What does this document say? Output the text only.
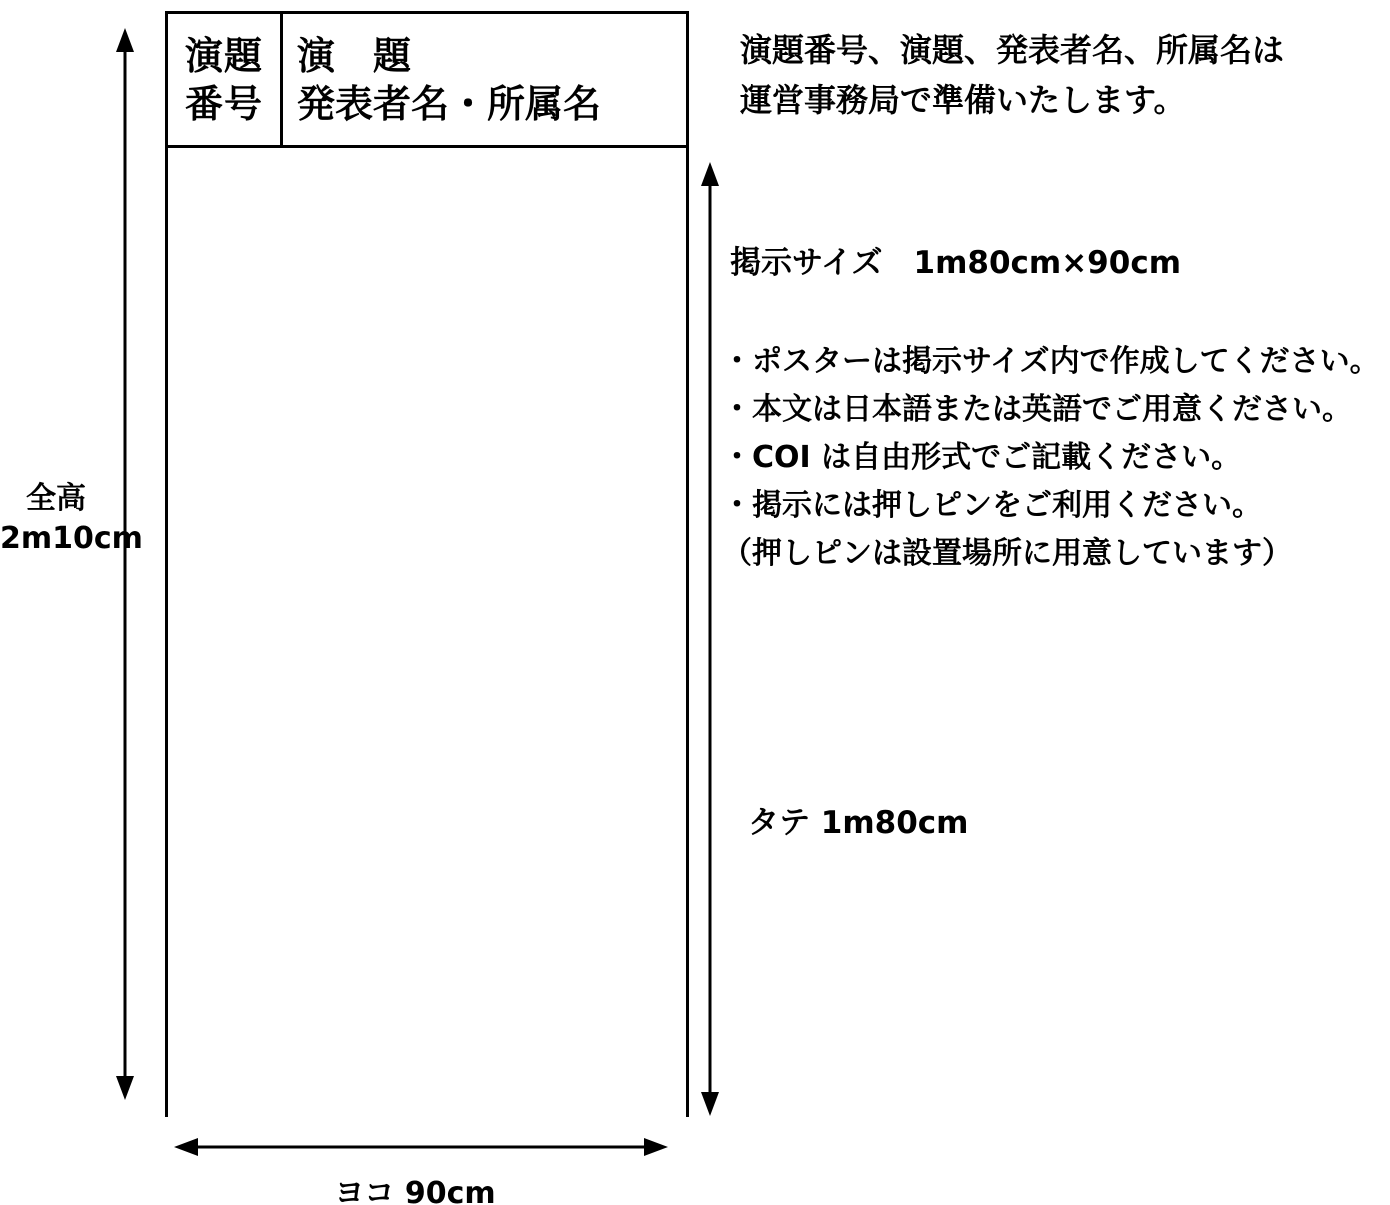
演題
番号
演　題
発表者名・所属名
演題番号、演題、発表者名、所属名は
運営事務局で準備いたします。
掲示サイズ　1m80cm×90cm
・ポスターは掲示サイズ内で作成してください。
・本文は日本語または英語でご用意ください。
・COI は自由形式でご記載ください。
・掲示には押しピンをご利用ください。
（押しピンは設置場所に用意しています）
タテ 1m80cm
全高
2m10cm
ヨコ 90cm
